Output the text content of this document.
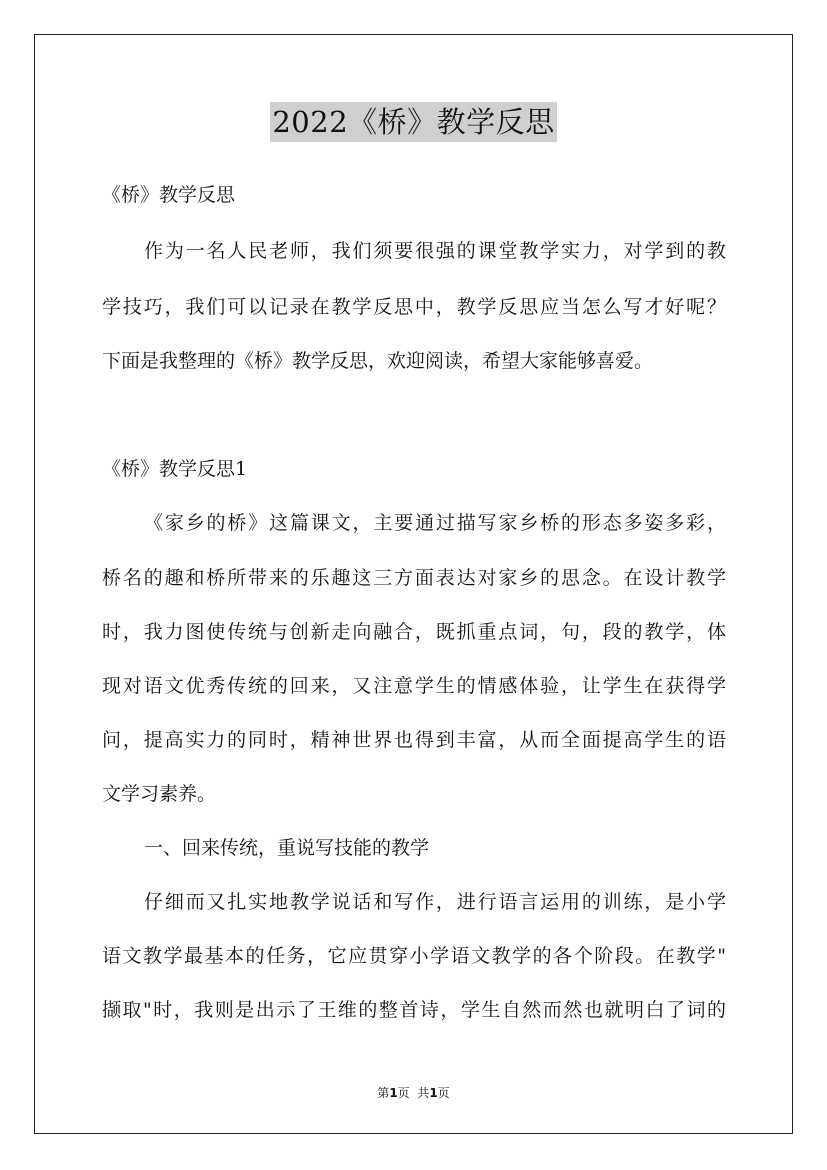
2022《桥》教学反思
《桥》教学反思
作为一名人民老师，我们须要很强的课堂教学实力，对学到的教
学技巧，我们可以记录在教学反思中，教学反思应当怎么写才好呢？
下面是我整理的《桥》教学反思，欢迎阅读，希望大家能够喜爱。
《桥》教学反思1
《家乡的桥》这篇课文，主要通过描写家乡桥的形态多姿多彩，
桥名的趣和桥所带来的乐趣这三方面表达对家乡的思念。在设计教学
时，我力图使传统与创新走向融合，既抓重点词，句，段的教学，体
现对语文优秀传统的回来，又注意学生的情感体验，让学生在获得学
问，提高实力的同时，精神世界也得到丰富，从而全面提高学生的语
文学习素养。
一、回来传统，重说写技能的教学
仔细而又扎实地教学说话和写作，进行语言运用的训练，是小学
语文教学最基本的任务，它应贯穿小学语文教学的各个阶段。在教学"
撷取"时，我则是出示了王维的整首诗，学生自然而然也就明白了词的
第1页  共1页
